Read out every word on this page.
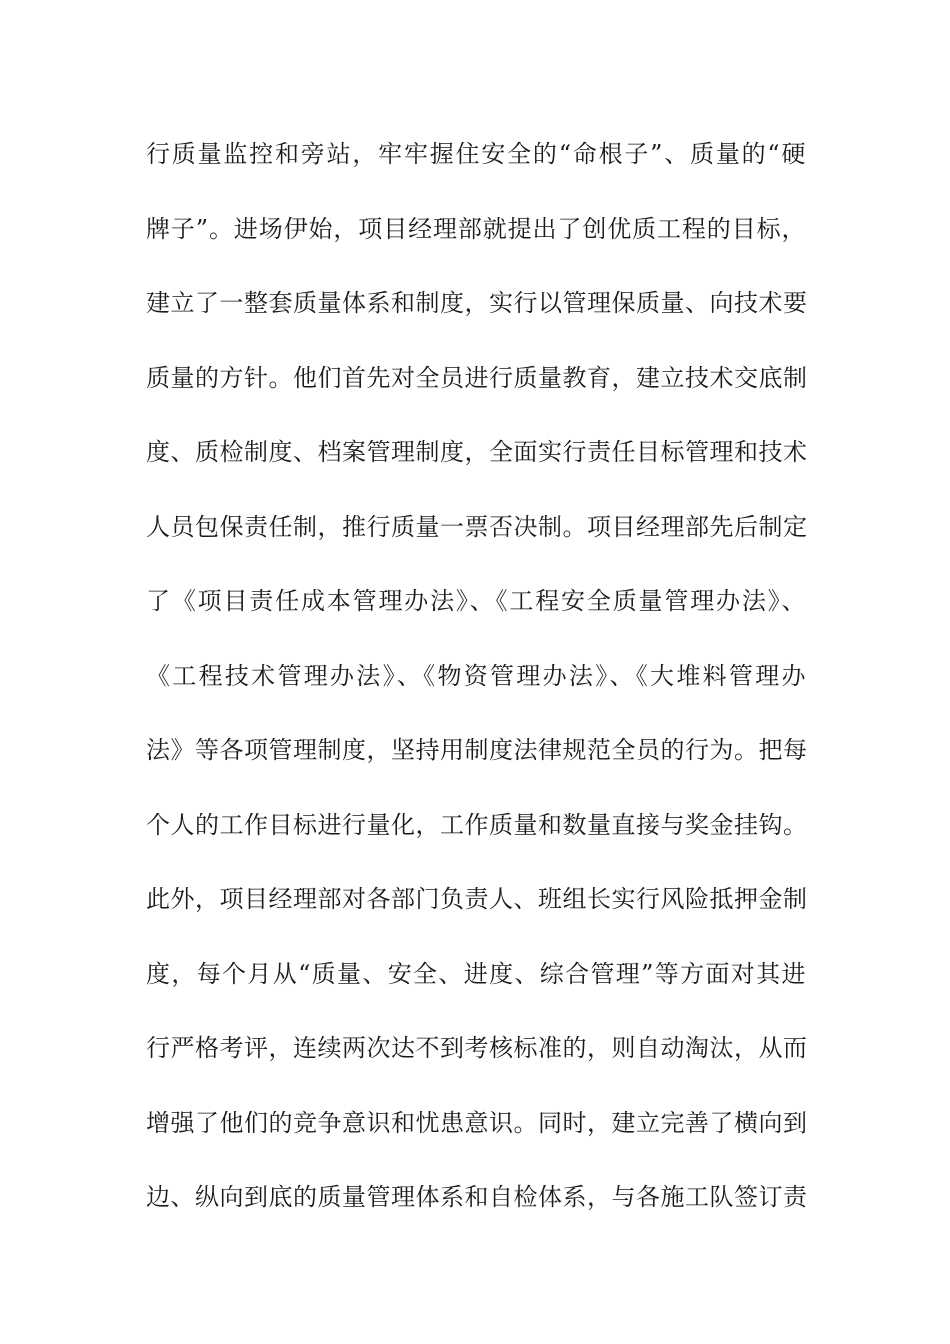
行质量监控和旁站，牢牢握住安全的“命根子”、质量的“硬
牌子”。进场伊始，项目经理部就提出了创优质工程的目标，
建立了一整套质量体系和制度，实行以管理保质量、向技术要
质量的方针。他们首先对全员进行质量教育，建立技术交底制
度、质检制度、档案管理制度，全面实行责任目标管理和技术
人员包保责任制，推行质量一票否决制。项目经理部先后制定
了《项目责任成本管理办法》、《工程安全质量管理办法》、
《工程技术管理办法》、《物资管理办法》、《大堆料管理办
法》等各项管理制度，坚持用制度法律规范全员的行为。把每
个人的工作目标进行量化，工作质量和数量直接与奖金挂钩。
此外，项目经理部对各部门负责人、班组长实行风险抵押金制
度，每个月从“质量、安全、进度、综合管理”等方面对其进
行严格考评，连续两次达不到考核标准的，则自动淘汰，从而
增强了他们的竞争意识和忧患意识。同时，建立完善了横向到
边、纵向到底的质量管理体系和自检体系，与各施工队签订责
